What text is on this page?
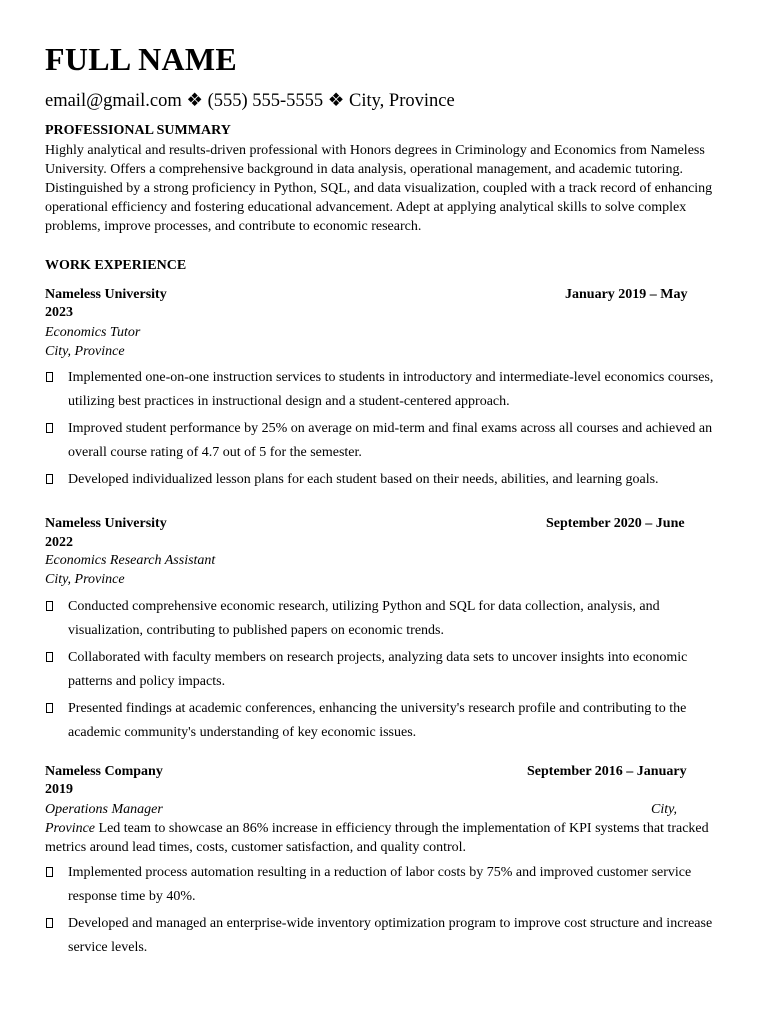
FULL NAME
email@gmail.com ❖ (555) 555-5555 ❖ City, Province
PROFESSIONAL SUMMARY
Highly analytical and results-driven professional with Honors degrees in Criminology and Economics from Nameless University. Offers a comprehensive background in data analysis, operational management, and academic tutoring. Distinguished by a strong proficiency in Python, SQL, and data visualization, coupled with a track record of enhancing operational efficiency and fostering educational advancement. Adept at applying analytical skills to solve complex problems, improve processes, and contribute to economic research.
WORK EXPERIENCE
Nameless University	January 2019 – May
2023
Economics Tutor
City, Province
Implemented one-on-one instruction services to students in introductory and intermediate-level economics courses, utilizing best practices in instructional design and a student-centered approach.
Improved student performance by 25% on average on mid-term and final exams across all courses and achieved an overall course rating of 4.7 out of 5 for the semester.
Developed individualized lesson plans for each student based on their needs, abilities, and learning goals.
Nameless University	September 2020 – June
2022
Economics Research Assistant
City, Province
Conducted comprehensive economic research, utilizing Python and SQL for data collection, analysis, and visualization, contributing to published papers on economic trends.
Collaborated with faculty members on research projects, analyzing data sets to uncover insights into economic patterns and policy impacts.
Presented findings at academic conferences, enhancing the university's research profile and contributing to the academic community's understanding of key economic issues.
Nameless Company	September 2016 – January
2019
Operations Manager	City,
Province Led team to showcase an 86% increase in efficiency through the implementation of KPI systems that tracked metrics around lead times, costs, customer satisfaction, and quality control.
Implemented process automation resulting in a reduction of labor costs by 75% and improved customer service response time by 40%.
Developed and managed an enterprise-wide inventory optimization program to improve cost structure and increase service levels.
